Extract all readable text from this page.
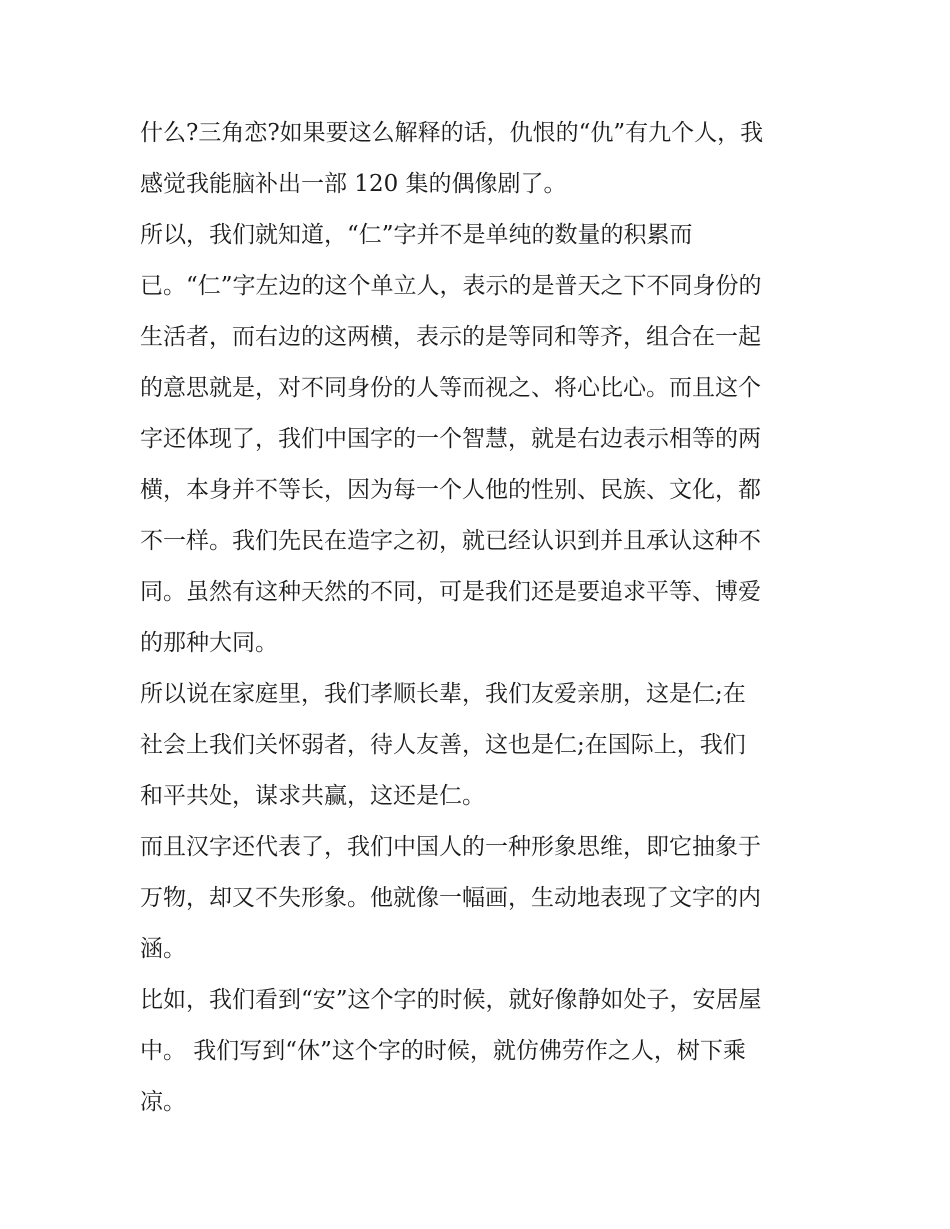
什么?三角恋?如果要这么解释的话，仇恨的“仇”有九个人，我
感觉我能脑补出一部 120 集的偶像剧了。
所以，我们就知道，“仁”字并不是单纯的数量的积累而
已。“仁”字左边的这个单立人，表示的是普天之下不同身份的
生活者，而右边的这两横，表示的是等同和等齐，组合在一起
的意思就是，对不同身份的人等而视之、将心比心。而且这个
字还体现了，我们中国字的一个智慧，就是右边表示相等的两
横，本身并不等长，因为每一个人他的性别、民族、文化，都
不一样。我们先民在造字之初，就已经认识到并且承认这种不
同。虽然有这种天然的不同，可是我们还是要追求平等、博爱
的那种大同。
所以说在家庭里，我们孝顺长辈，我们友爱亲朋，这是仁;在
社会上我们关怀弱者，待人友善，这也是仁;在国际上，我们
和平共处，谋求共赢，这还是仁。
而且汉字还代表了，我们中国人的一种形象思维，即它抽象于
万物，却又不失形象。他就像一幅画，生动地表现了文字的内
涵。
比如，我们看到“安”这个字的时候，就好像静如处子，安居屋
中。 我们写到“休”这个字的时候，就仿佛劳作之人，树下乘
凉。
